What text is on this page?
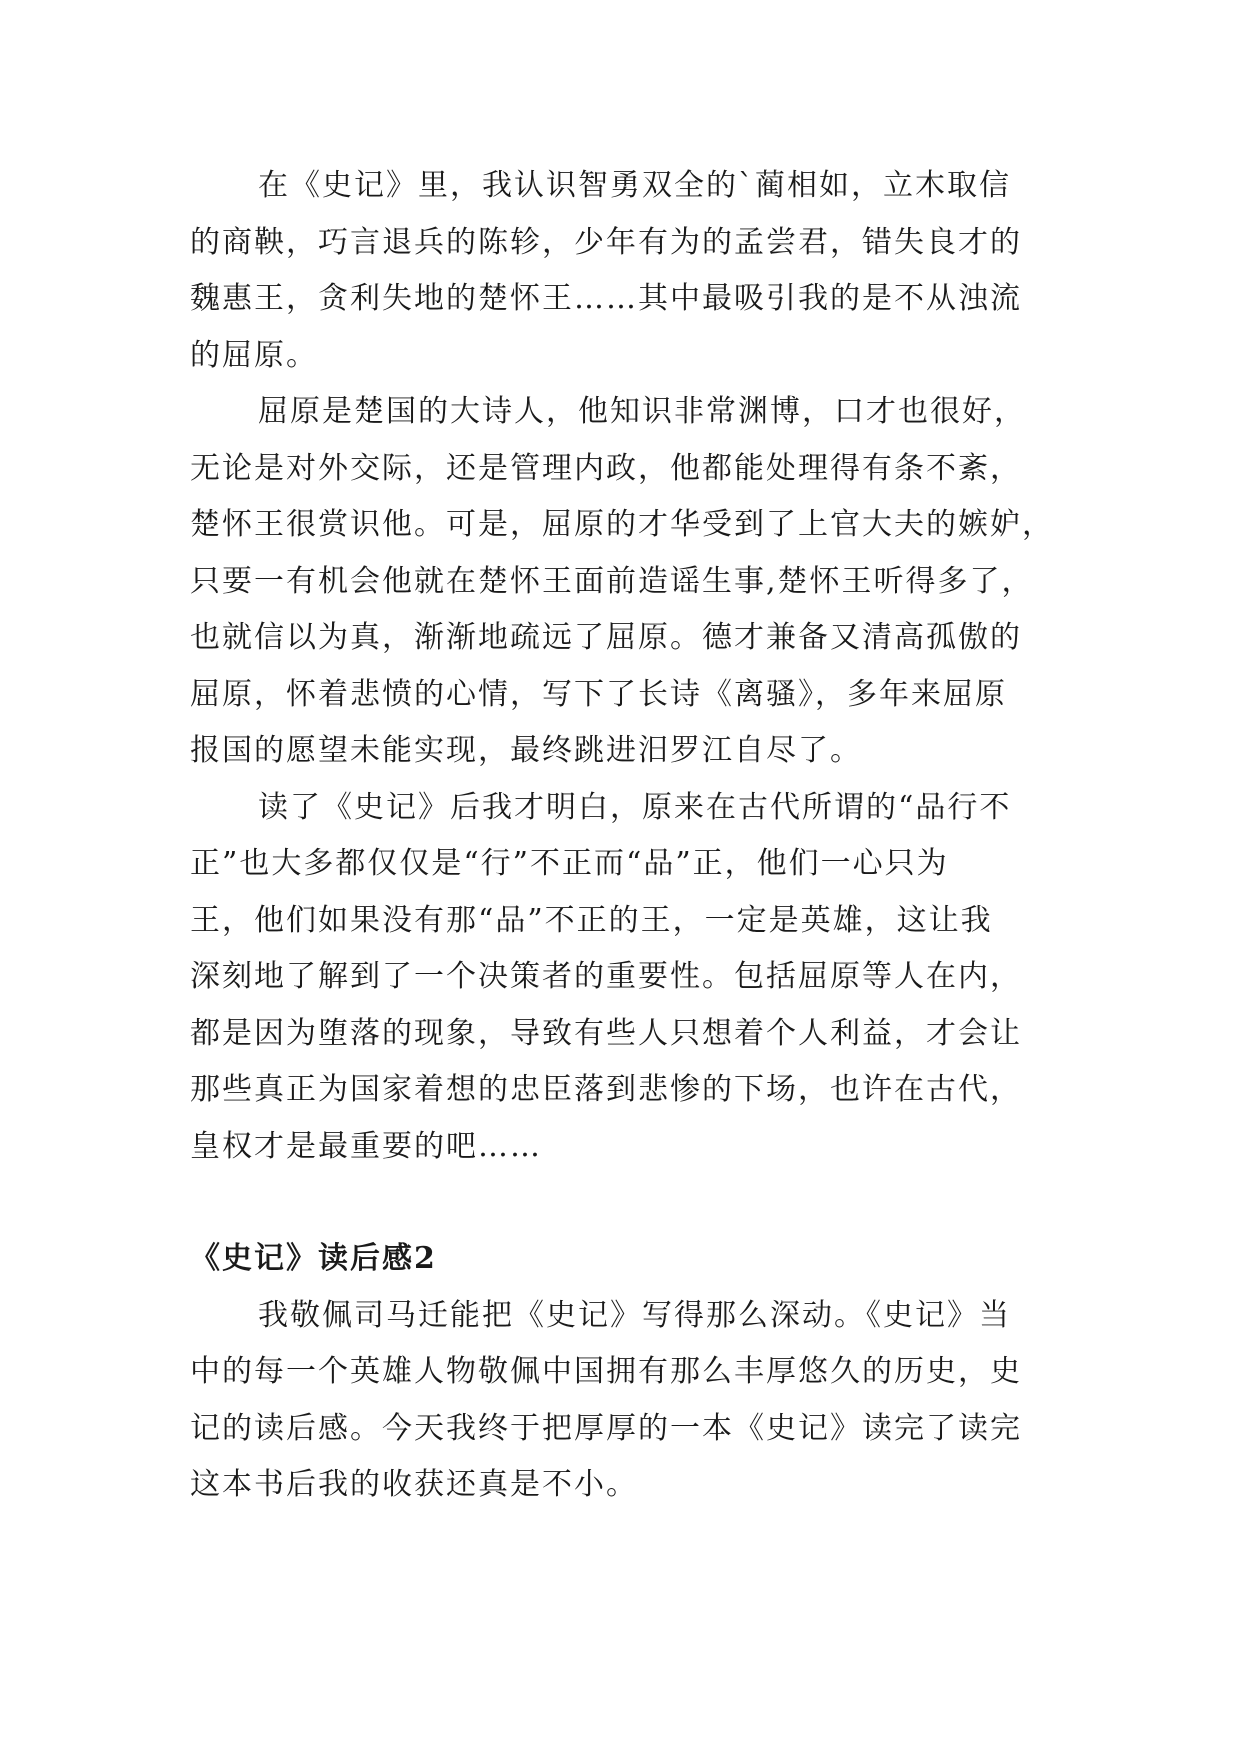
在《史记》里，我认识智勇双全的`蔺相如，立木取信
的商鞅，巧言退兵的陈轸，少年有为的孟尝君，错失良才的
魏惠王，贪利失地的楚怀王……其中最吸引我的是不从浊流
的屈原。

屈原是楚国的大诗人，他知识非常渊博，口才也很好，
无论是对外交际，还是管理内政，他都能处理得有条不紊，
楚怀王很赏识他。可是，屈原的才华受到了上官大夫的嫉妒，
只要一有机会他就在楚怀王面前造谣生事,楚怀王听得多了，
也就信以为真，渐渐地疏远了屈原。德才兼备又清高孤傲的
屈原，怀着悲愤的心情，写下了长诗《离骚》，多年来屈原
报国的愿望未能实现，最终跳进汨罗江自尽了。

读了《史记》后我才明白，原来在古代所谓的“品行不
正”也大多都仅仅是“行”不正而“品”正，他们一心只为
王，他们如果没有那“品”不正的王，一定是英雄，这让我
深刻地了解到了一个决策者的重要性。包括屈原等人在内，
都是因为堕落的现象，导致有些人只想着个人利益，才会让
那些真正为国家着想的忠臣落到悲惨的下场，也许在古代，
皇权才是最重要的吧……

《史记》读后感2

我敬佩司马迁能把《史记》写得那么深动。《史记》当
中的每一个英雄人物敬佩中国拥有那么丰厚悠久的历史，史
记的读后感。今天我终于把厚厚的一本《史记》读完了读完
这本书后我的收获还真是不小。
